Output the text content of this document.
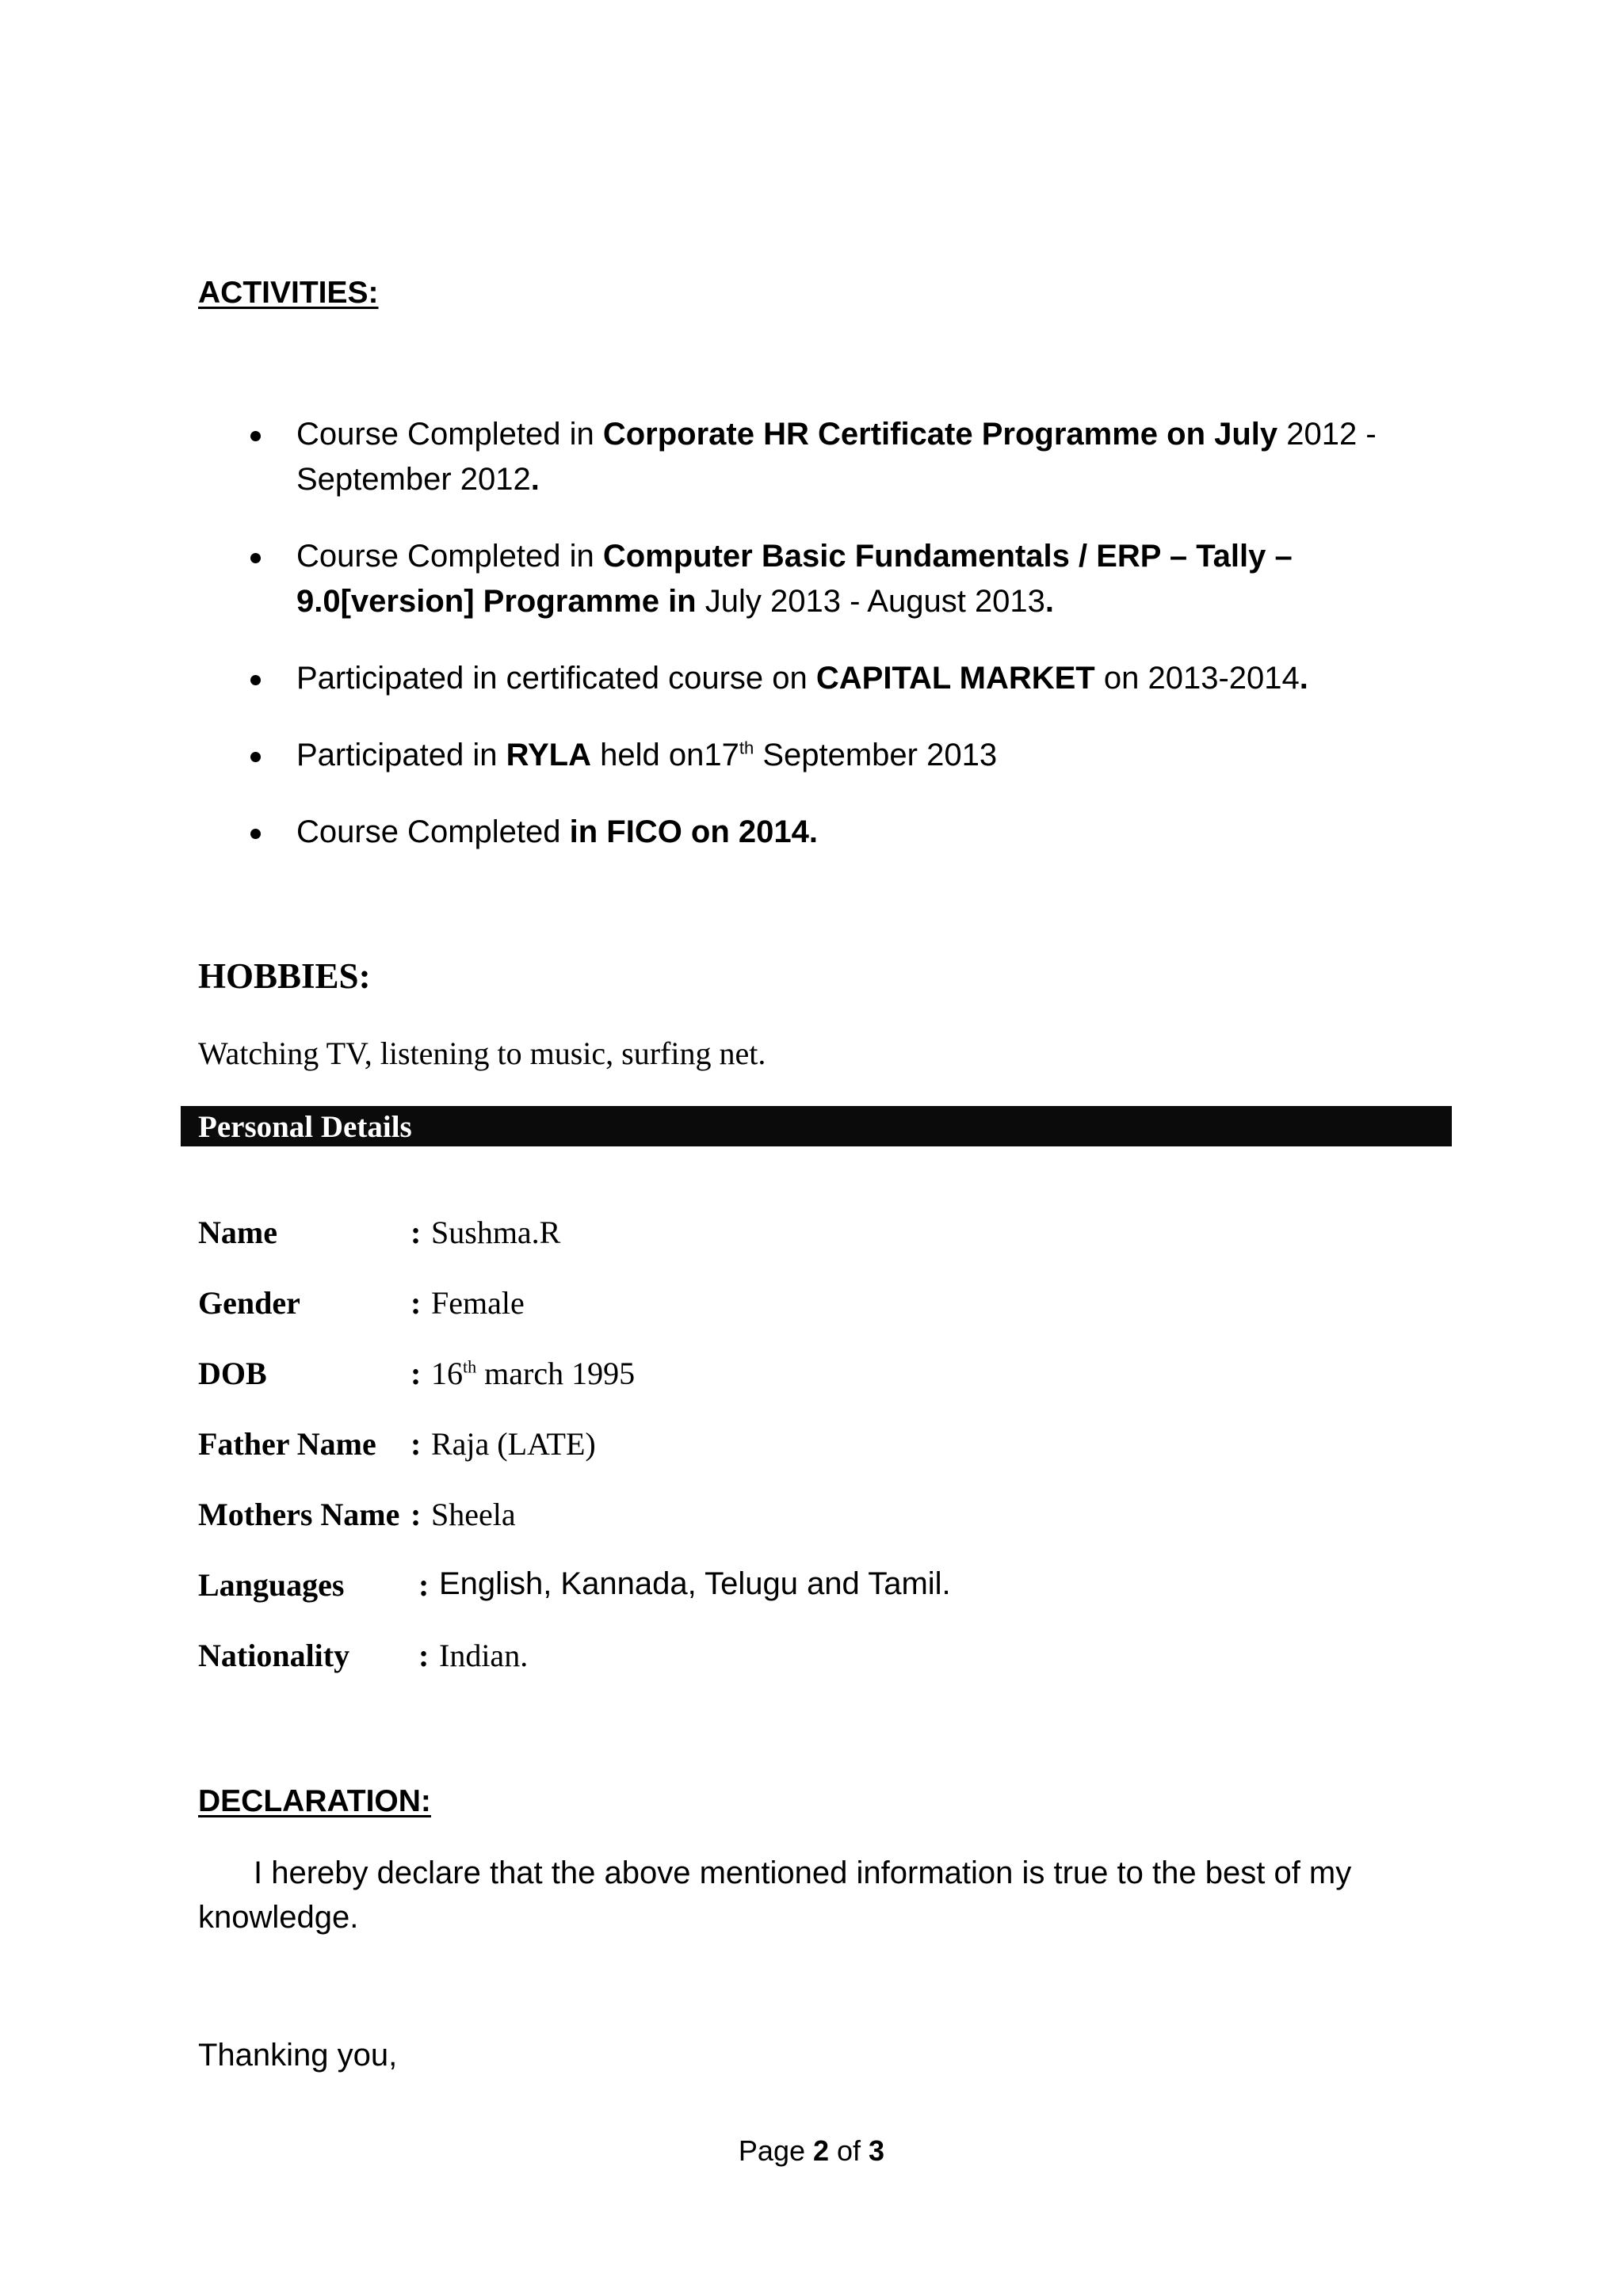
ACTIVITIES:
Course Completed in Corporate HR Certificate Programme on July 2012 - September 2012.
Course Completed in Computer Basic Fundamentals / ERP – Tally – 9.0[version] Programme in July 2013 - August 2013.
Participated in certificated course on CAPITAL MARKET on 2013-2014.
Participated in RYLA held on17th September 2013
Course Completed in FICO on 2014.
HOBBIES:

Watching TV, listening to music, surfing net.

Personal Details
Name	: Sushma.R
Gender	: Female
DOB	: 16th march 1995
Father Name : Raja (LATE)
Mothers Name : Sheela
Languages : English, Kannada, Telugu and Tamil.
Nationality : Indian.
DECLARATION:

I hereby declare that the above mentioned information is true to the best of my knowledge.

Thanking you,

Page 2 of 3
